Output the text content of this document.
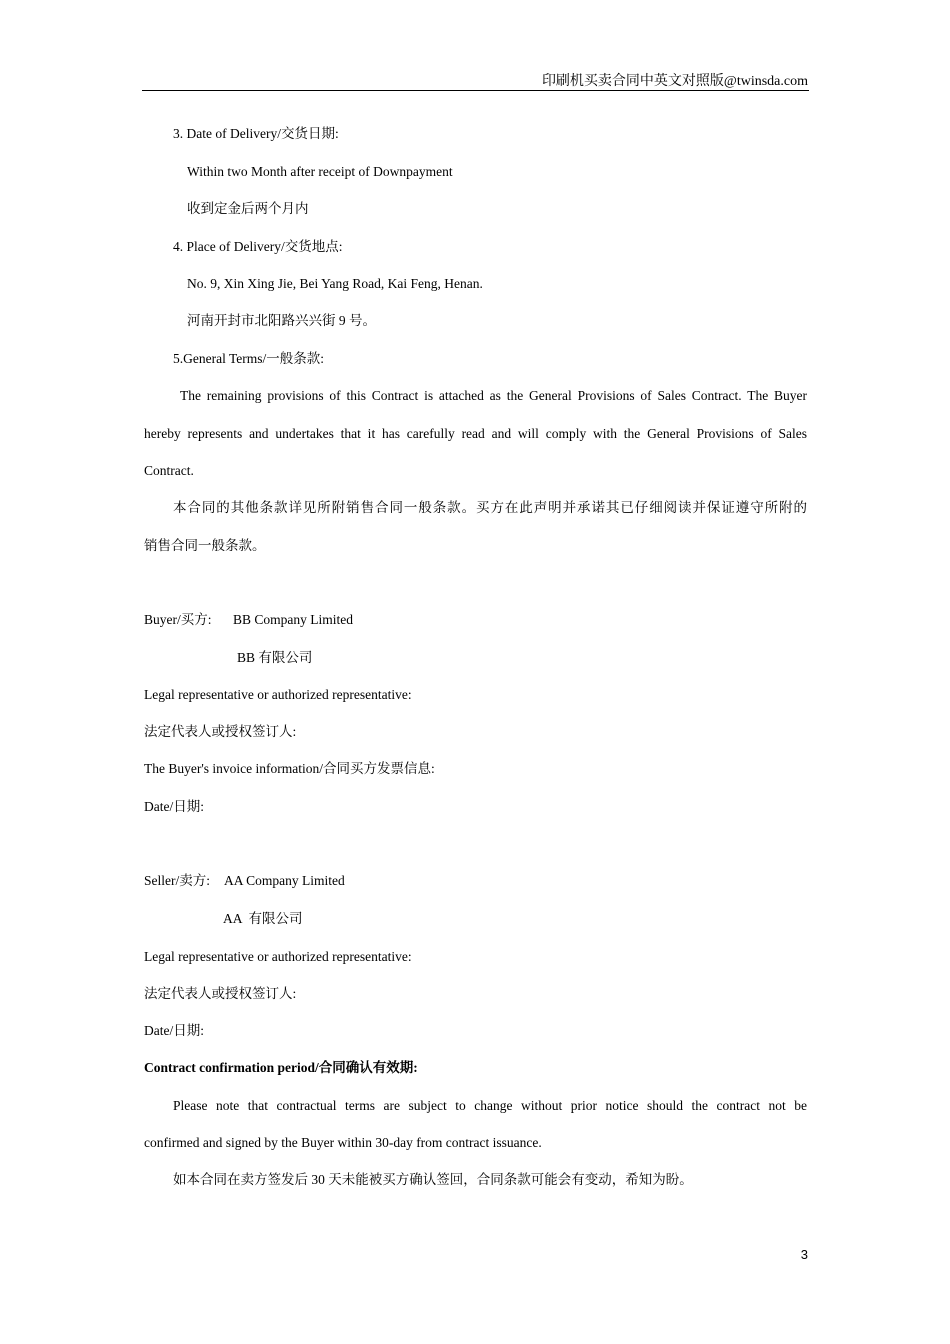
印刷机买卖合同中英文对照版@twinsda.com
3. Date of Delivery/交货日期:
Within two Month after receipt of Downpayment
收到定金后两个月内
4. Place of Delivery/交货地点:
No. 9, Xin Xing Jie, Bei Yang Road, Kai Feng, Henan.
河南开封市北阳路兴兴街 9 号。
5.General Terms/一般条款:
The remaining provisions of this Contract is attached as the General Provisions of Sales Contract. The Buyer
hereby represents and undertakes that it has carefully read and will comply with the General Provisions of Sales
Contract.
本合同的其他条款详见所附销售合同一般条款。买方在此声明并承诺其已仔细阅读并保证遵守所附的
销售合同一般条款。
Buyer/买方: BB Company Limited
BB 有限公司
Legal representative or authorized representative:
法定代表人或授权签订人:
The Buyer's invoice information/合同买方发票信息:
Date/日期:
Seller/卖方: AA Company Limited
AA  有限公司
Legal representative or authorized representative:
法定代表人或授权签订人:
Date/日期:
Contract confirmation period/合同确认有效期:
Please note that contractual terms are subject to change without prior notice should the contract not be
confirmed and signed by the Buyer within 30-day from contract issuance.
如本合同在卖方签发后 30 天未能被买方确认签回，合同条款可能会有变动，希知为盼。
3
